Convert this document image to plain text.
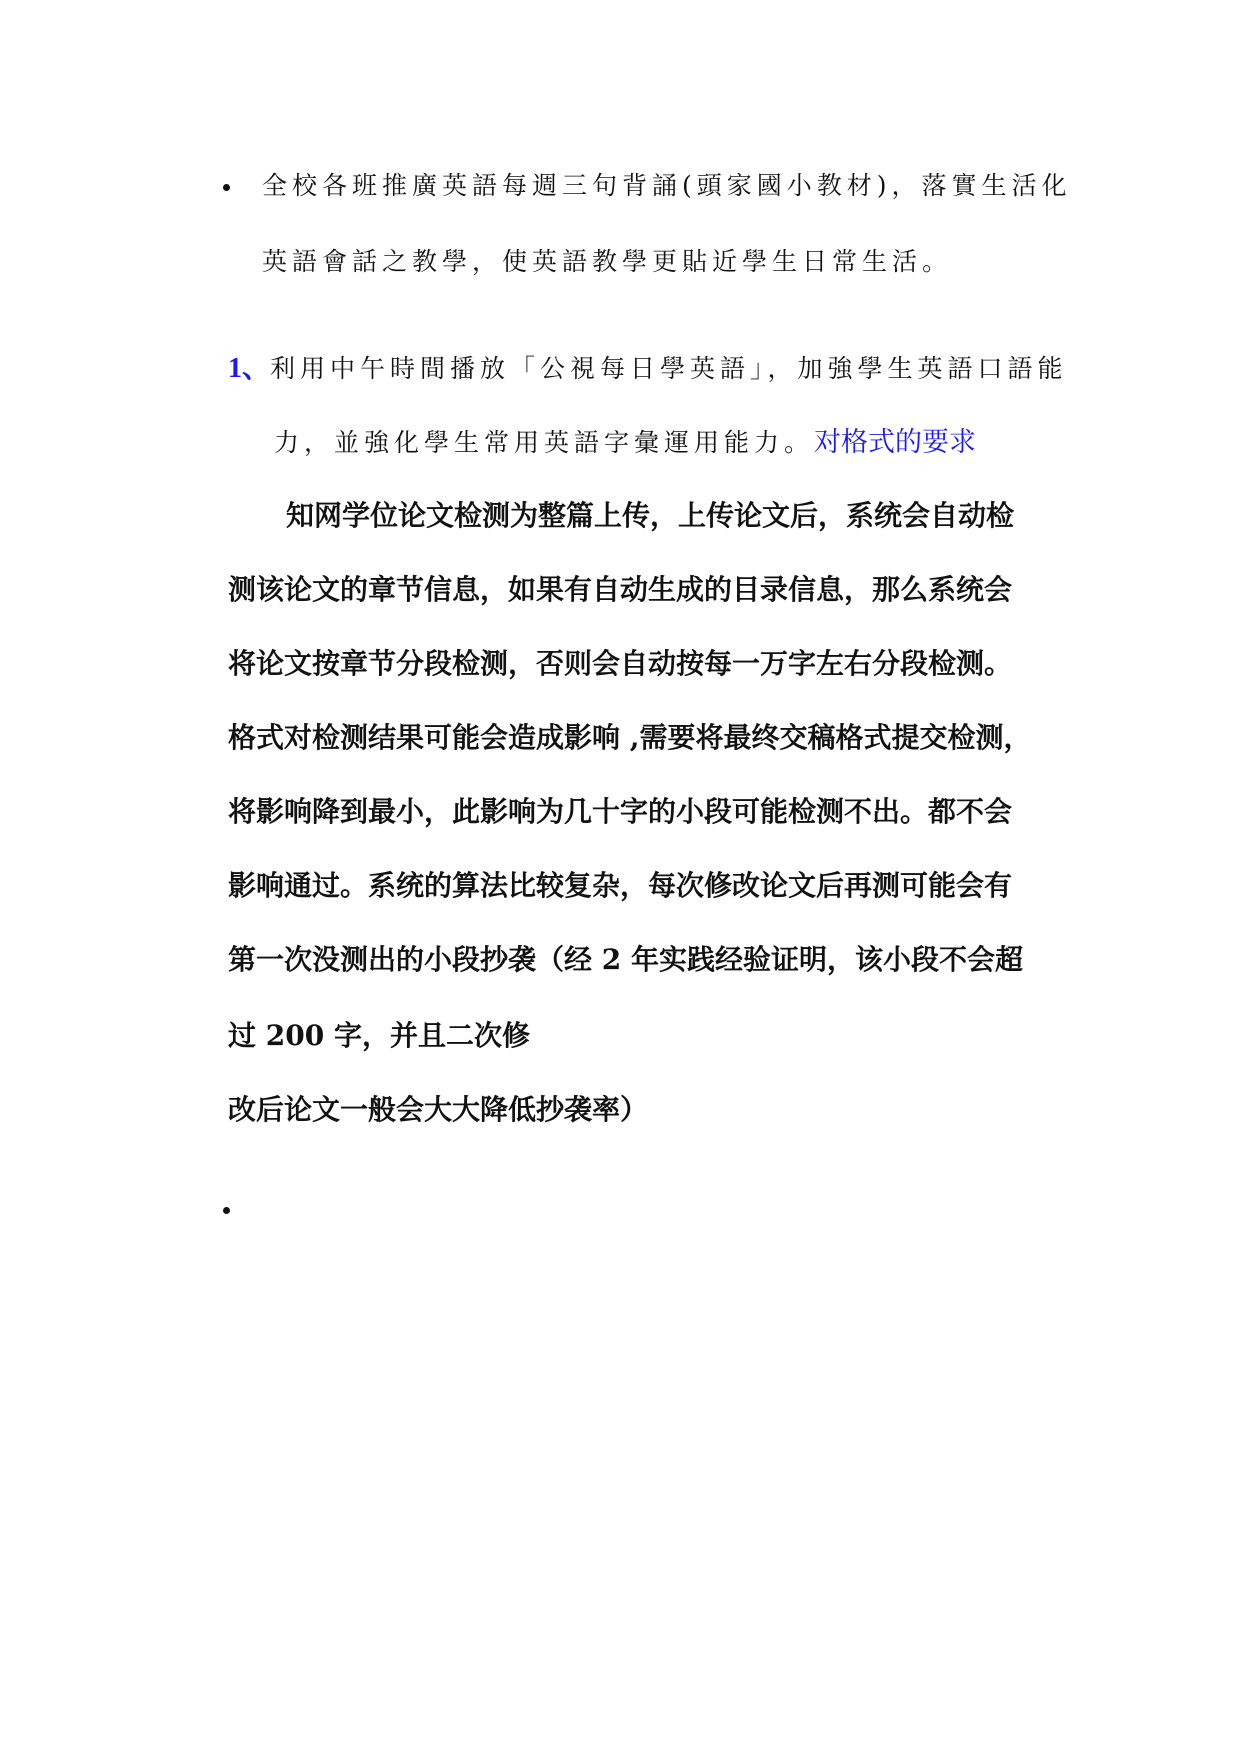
全校各班推廣英語每週三句背誦(頭家國小教材)，落實生活化
英語會話之教學，使英語教學更貼近學生日常生活。
1、利用中午時間播放「公視每日學英語」，加強學生英語口語能
力，並強化學生常用英語字彙運用能力。对格式的要求
知网学位论文检测为整篇上传，上传论文后，系统会自动检
测该论文的章节信息，如果有自动生成的目录信息，那么系统会
将论文按章节分段检测，否则会自动按每一万字左右分段检测。
格式对检测结果可能会造成影响 ,需要将最终交稿格式提交检测，
将影响降到最小，此影响为几十字的小段可能检测不出。都不会
影响通过。系统的算法比较复杂，每次修改论文后再测可能会有
第一次没测出的小段抄袭（经 2 年实践经验证明，该小段不会超
过 200 字，并且二次修
改后论文一般会大大降低抄袭率）
